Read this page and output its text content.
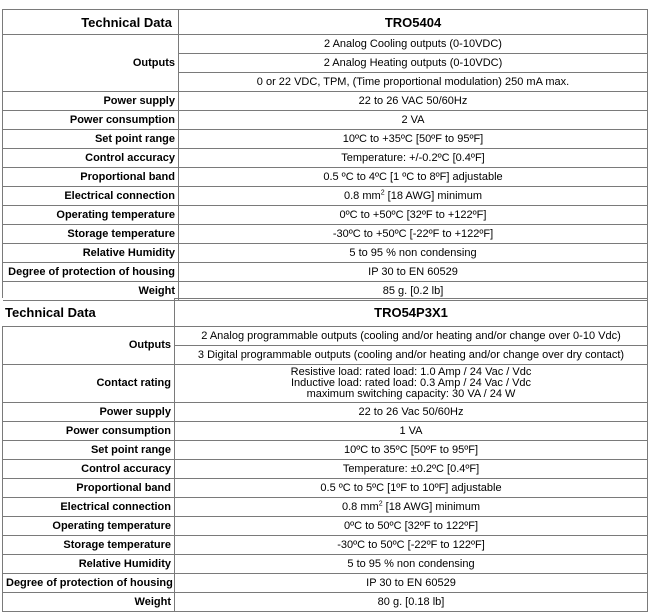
Technical Data	TRO5404
Outputs	2 Analog Cooling outputs (0-10VDC)
	2 Analog Heating outputs (0-10VDC)
	0 or 22 VDC, TPM, (Time proportional modulation) 250 mA max.
Power supply	22 to 26 VAC 50/60Hz
Power consumption	2 VA
Set point range	10ºC to +35ºC [50ºF to 95ºF]
Control accuracy	Temperature: +/-0.2ºC [0.4ºF]
Proportional band	0.5 ºC to 4ºC [1 ºC to 8ºF] adjustable
Electrical connection	0.8 $mm^2$ [18 AWG] minimum
Operating temperature	0ºC to +50ºC [32ºF to +122ºF]
Storage temperature	-30ºC to +50ºC [-22ºF to +122ºF]
Relative Humidity	5 to 95 % non condensing
Degree of protection of housing	IP 30 to EN 60529
Weight	85 g. [0.2 lb]
Technical Data	TRO54P3X1
Outputs	2 Analog programmable outputs (cooling and/or heating and/or change over 0-10 Vdc)
	3 Digital programmable outputs (cooling and/or heating and/or change over dry contact)
Contact rating	Resistive load: rated load: 1.0 Amp / 24 Vac / Vdc
Inductive load: rated load: 0.3 Amp / 24 Vac / Vdc
maximum switching capacity: 30 VA / 24 W

Power supply	22 to 26 Vac 50/60Hz
Power consumption	1 VA
Set point range	10ºC to 35ºC [50ºF to 95ºF]
Control accuracy	Temperature: ±0.2ºC [0.4ºF]
Proportional band	0.5 ºC to 5ºC [1ºF to 10ºF] adjustable
Electrical connection	0.8 $mm^2$ [18 AWG] minimum
Operating temperature	0ºC to 50ºC [32ºF to 122ºF]
Storage temperature	-30ºC to 50ºC [-22ºF to 122ºF]
Relative Humidity	5 to 95 % non condensing
Degree of protection of housing	IP 30 to EN 60529
Weight	80 g. [0.18 lb]
